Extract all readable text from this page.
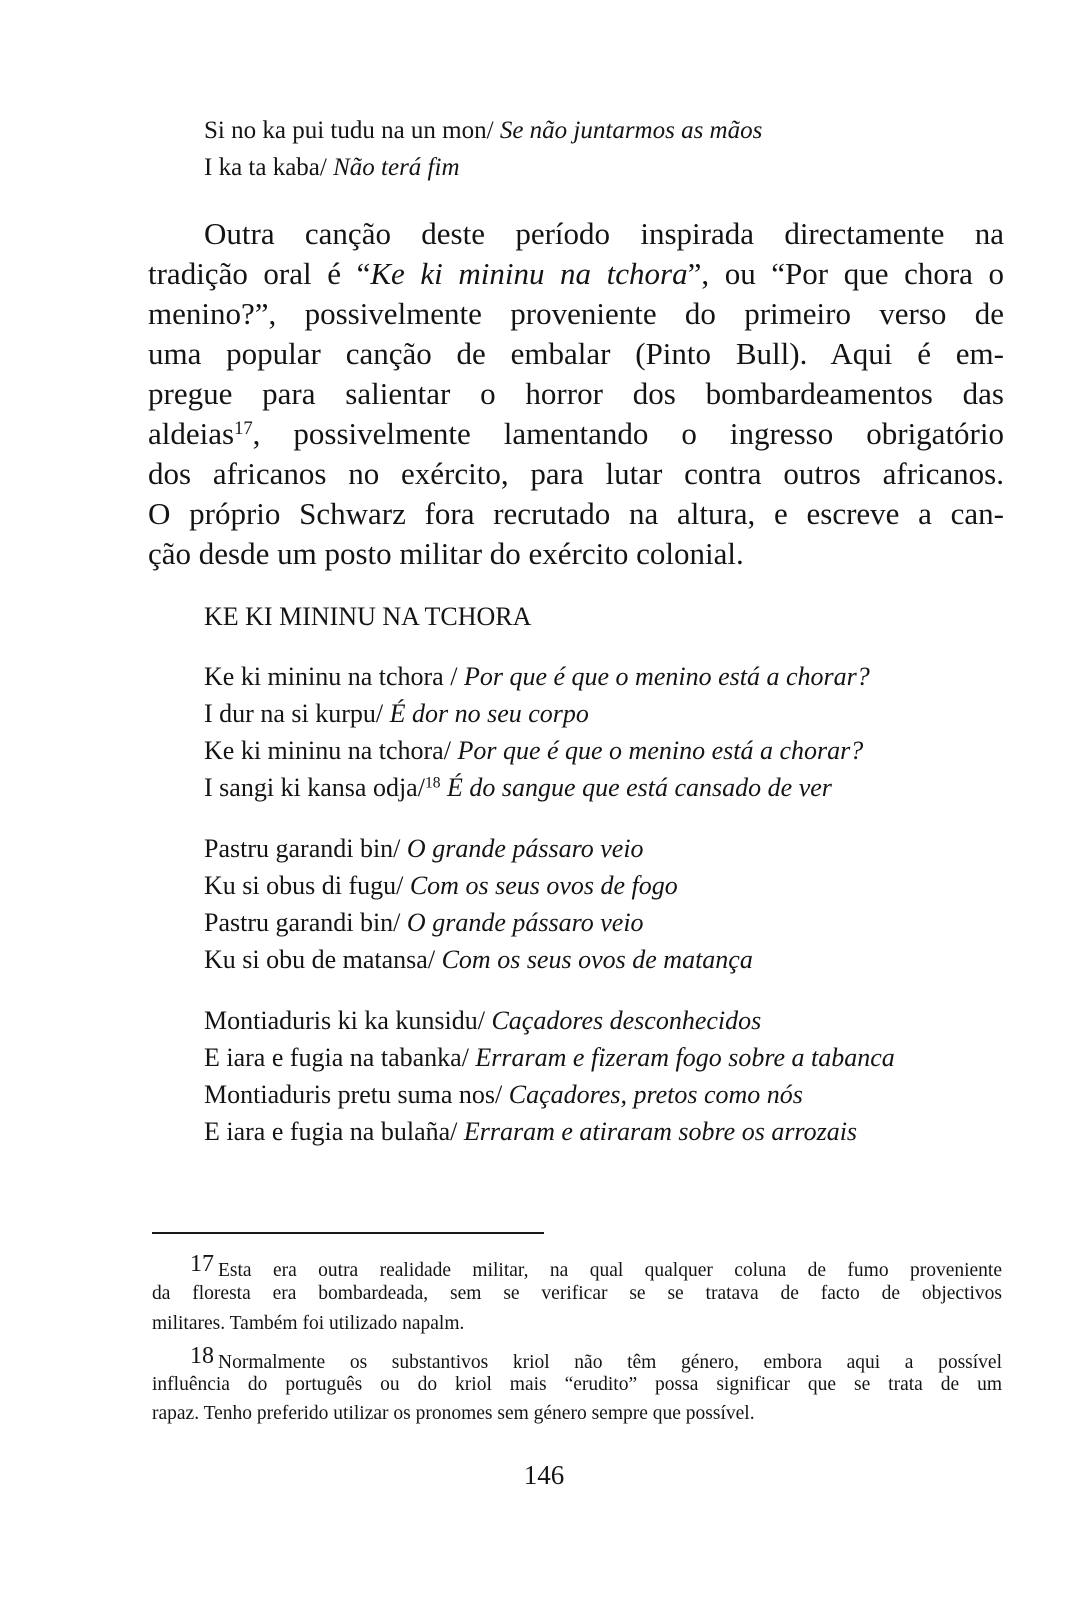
Si no ka pui tudu na un mon/ Se não juntarmos as mãos
I ka ta kaba/ Não terá fim
Outra canção deste período inspirada directamente na
tradição oral é “Ke ki mininu na tchora”, ou “Por que chora o
menino?”, possivelmente proveniente do primeiro verso de
uma popular canção de embalar (Pinto Bull). Aqui é em-
pregue para salientar o horror dos bombardeamentos das
aldeias$^{17}$, possivelmente lamentando o ingresso obrigatório
dos africanos no exército, para lutar contra outros africanos.
O próprio Schwarz fora recrutado na altura, e escreve a can-
ção desde um posto militar do exército colonial.
KE KI MININU NA TCHORA
Ke ki mininu na tchora / Por que é que o menino está a chorar?
I dur na si kurpu/ É dor no seu corpo
Ke ki mininu na tchora/ Por que é que o menino está a chorar?
I sangi ki kansa odja/$^{18}$ É do sangue que está cansado de ver
Pastru garandi bin/ O grande pássaro veio
Ku si obus di fugu/ Com os seus ovos de fogo
Pastru garandi bin/ O grande pássaro veio
Ku si obu de matansa/ Com os seus ovos de matança
Montiaduris ki ka kunsidu/ Caçadores desconhecidos
E iara e fugia na tabanka/ Erraram e fizeram fogo sobre a tabanca
Montiaduris pretu suma nos/ Caçadores, pretos como nós
E iara e fugia na bulaña/ Erraram e atiraram sobre os arrozais
17 Esta era outra realidade militar, na qual qualquer coluna de fumo proveniente
da floresta era bombardeada, sem se verificar se se tratava de facto de objectivos
militares. Também foi utilizado napalm.
18 Normalmente os substantivos kriol não têm género, embora aqui a possível
influência do português ou do kriol mais “erudito” possa significar que se trata de um
rapaz. Tenho preferido utilizar os pronomes sem género sempre que possível.
146
